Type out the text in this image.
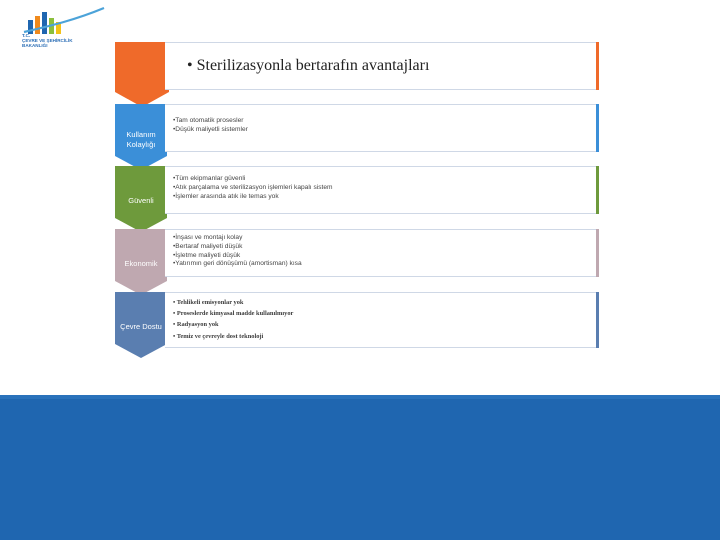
T.C.
ÇEVRE VE ŞEHİRCİLİK
BAKANLIĞI
• Sterilizasyonla bertarafın avantajları
Kullanım Kolaylığı
•Tam otomatik prosesler
•Düşük maliyetli sistemler
Güvenli
•Tüm ekipmanlar güvenli
•Atık parçalama ve sterilizasyon işlemleri kapalı sistem
•İşlemler arasında atık ile temas yok
Ekonomik
•İnşası ve montajı kolay
•Bertaraf maliyeti düşük
•İşletme maliyeti düşük
•Yatırımın geri dönüşümü (amortisman) kısa
Çevre Dostu
• Tehlikeli emisyonlar yok
• Proseslerde kimyasal madde kullanılmıyor
• Radyasyon yok
• Temiz ve çevreyle dost teknoloji
